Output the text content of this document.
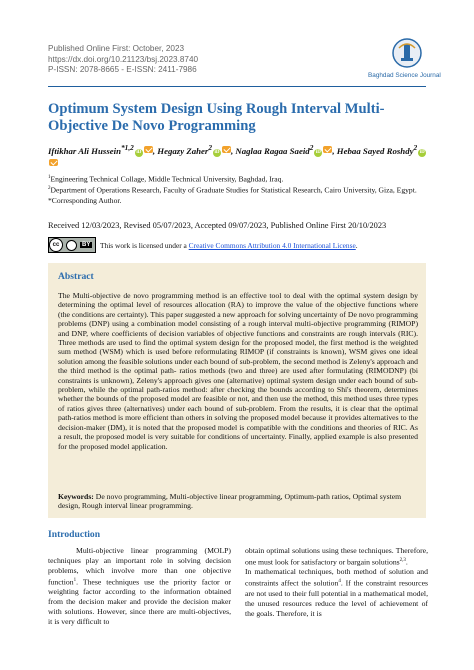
Published Online First: October, 2023
https://dx.doi.org/10.21123/bsj.2023.8740
P-ISSN: 2078-8665 - E-ISSN: 2411-7986
Baghdad Science Journal
Optimum System Design Using Rough Interval Multi-Objective De Novo Programming
Iftikhar Ali Hussein$^{*1,2}$iD , Hegazy Zaher$^2$iD , Naglaa Ragaa Saeid$^2$iD , Hebaa Sayed Roshdy$^2$iD
$^1$Engineering Technical Collage, Middle Technical University, Baghdad, Iraq.
$^2$Department of Operations Research, Faculty of Graduate Studies for Statistical Research, Cairo University, Giza, Egypt.
*Corresponding Author.
Received 12/03/2023, Revised 05/07/2023, Accepted 09/07/2023, Published Online First 20/10/2023
cc	BY This work is licensed under a Creative Commons Attribution 4.0 International License .
Abstract
The Multi-objective de novo programming method is an effective tool to deal with the optimal system design by determining the optimal level of resources allocation (RA) to improve the value of the objective functions where (the conditions are certainty). This paper suggested a new approach for solving uncertainty of De novo programming problems (DNP) using a combination model consisting of a rough interval multi-objective programming (RIMOP) and DNP, where coefficients of decision variables of objective functions and constraints are rough intervals (RIC). Three methods are used to find the optimal system design for the proposed model, the first method is the weighted sum method (WSM) which is used before reformulating RIMOP (if constraints is known), WSM gives one ideal solution among the feasible solutions under each bound of sub-problem, the second method is Zeleny's approach and the third method is the optimal path- ratios methods (two and three) are used after formulating (RIMODNP) (bi constraints is unknown), Zeleny's approach gives one (alternative) optimal system design under each bound of sub-problem, while the optimal path-ratios method: after checking the bounds according to Shi's theorem, determines whether the bounds of the proposed model are feasible or not, and then use the method, this method uses three types of ratios gives three (alternatives) under each bound of sub-problem. From the results, it is clear that the optimal path-ratios method is more efficient than others in solving the proposed model because it provides alternatives to the decision-maker (DM), it is noted that the proposed model is compatible with the conditions and theories of RIC. As a result, the proposed model is very suitable for conditions of uncertainty. Finally, applied example is also presented for the proposed model application.
Keywords: De novo programming, Multi-objective linear programming, Optimum-path ratios, Optimal system design, Rough interval linear programming.
Introduction
Multi-objective linear programming (MOLP) techniques play an important role in solving decision problems, which involve more than one objective function$^1$. These techniques use the priority factor or weighting factor according to the information obtained from the decision maker and provide the decision maker with solutions. However, since there are multi-objectives, it is very difficult to
obtain optimal solutions using these techniques. Therefore, one must look for satisfactory or bargain solutions$^{2,3}$.
In mathematical techniques, both method of solution and constraints affect the solution$^4$. If the constraint resources are not used to their full potential in a mathematical model, the unused resources reduce the level of achievement of the goals. Therefore, it is
